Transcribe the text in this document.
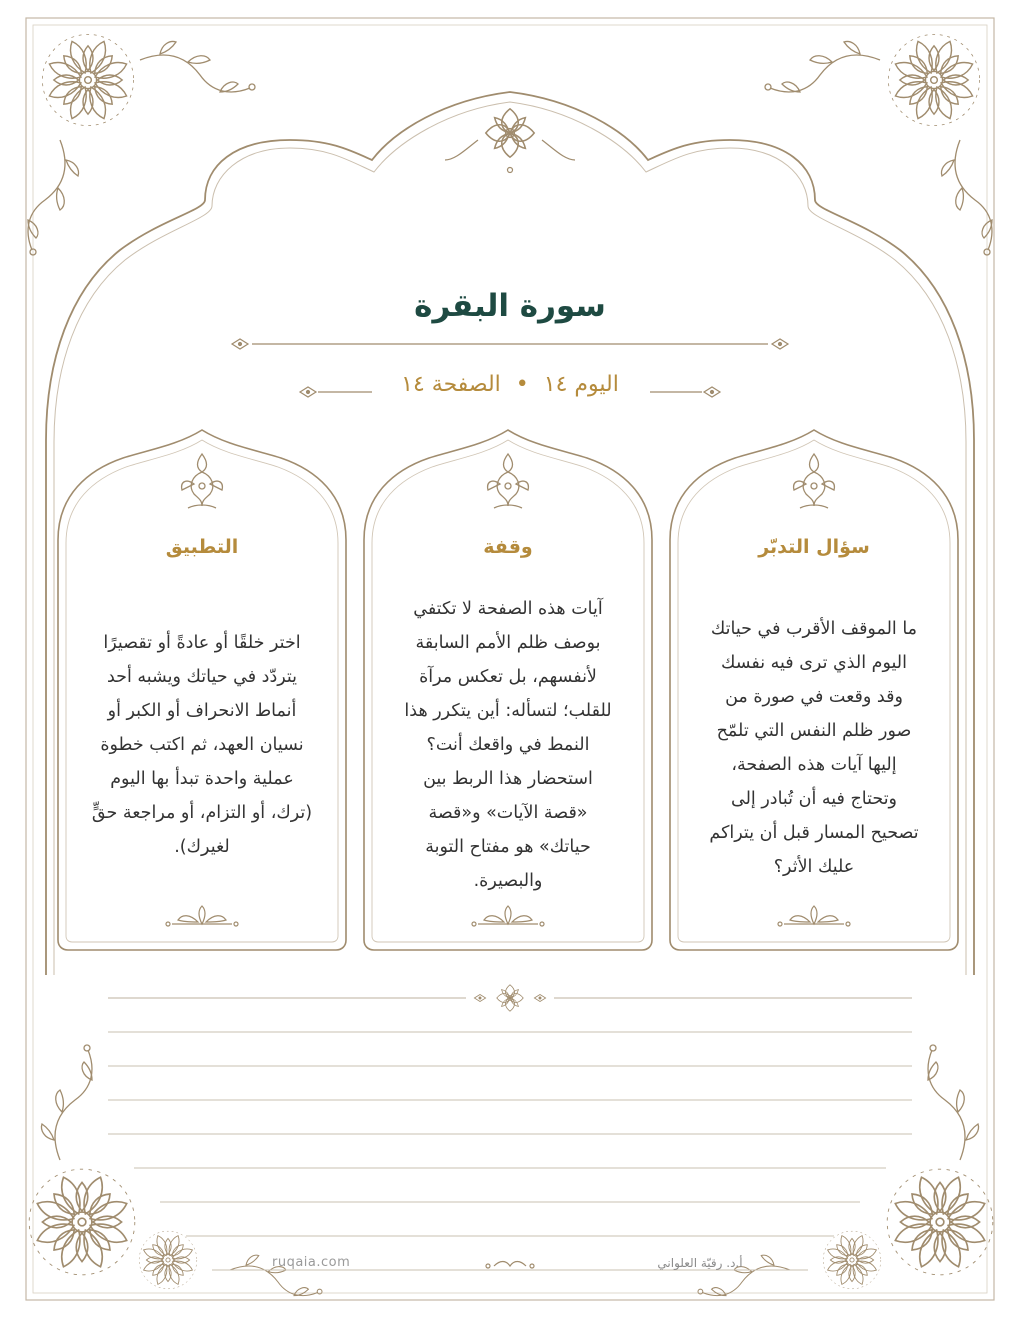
سورة البقرة
اليوم ١٤ • الصفحة ١٤
سؤال التدبّر
ما الموقف الأقرب في حياتك
اليوم الذي ترى فيه نفسك
وقد وقعت في صورة من
صور ظلم النفس التي تلمّح
إليها آيات هذه الصفحة،
وتحتاج فيه أن تُبادر إلى
تصحيح المسار قبل أن يتراكم
عليك الأثر؟
وقفة
آيات هذه الصفحة لا تكتفي
بوصف ظلم الأمم السابقة
لأنفسهم، بل تعكس مرآة
للقلب؛ لتسأله: أين يتكرر هذا
النمط في واقعك أنت؟
استحضار هذا الربط بين
«قصة الآيات» و«قصة
حياتك» هو مفتاح التوبة
والبصيرة.
التطبيق
اختر خلقًا أو عادةً أو تقصيرًا
يتردّد في حياتك ويشبه أحد
أنماط الانحراف أو الكبر أو
نسيان العهد، ثم اكتب خطوة
عملية واحدة تبدأ بها اليوم
(ترك، أو التزام، أو مراجعة حقٍّ
لغيرك).
ruqaia.com	أ.د. رقيّة العلواني
